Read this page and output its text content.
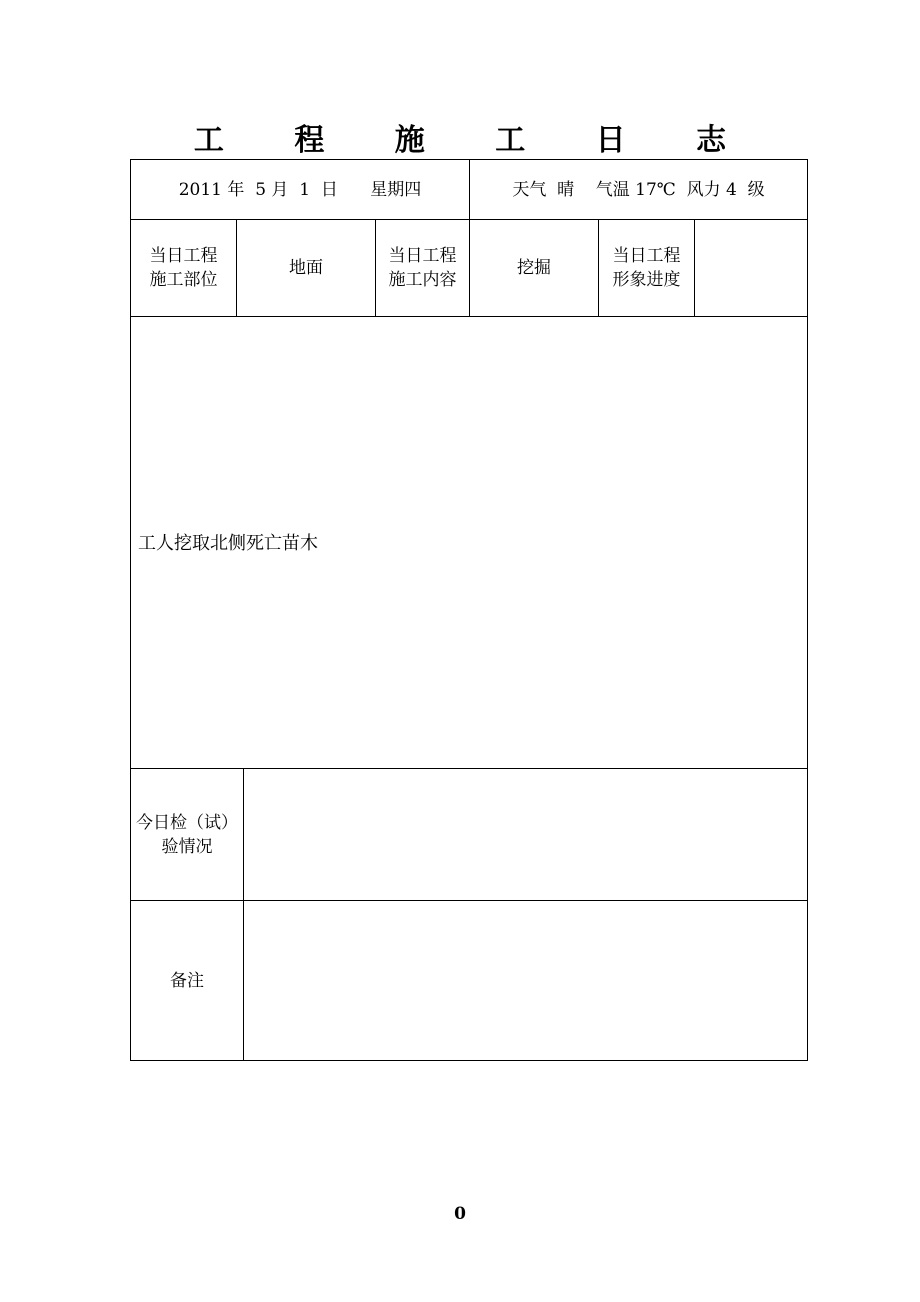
工 程 施 工 日 志
2011 年  5 月  1  日      星期四	天气  晴    气温 17℃  风力 4  级
当日工程
施工部位
地面
当日工程
施工内容
挖掘
当日工程
形象进度
工人挖取北侧死亡苗木
今日检（试）
验情况
备注
0
